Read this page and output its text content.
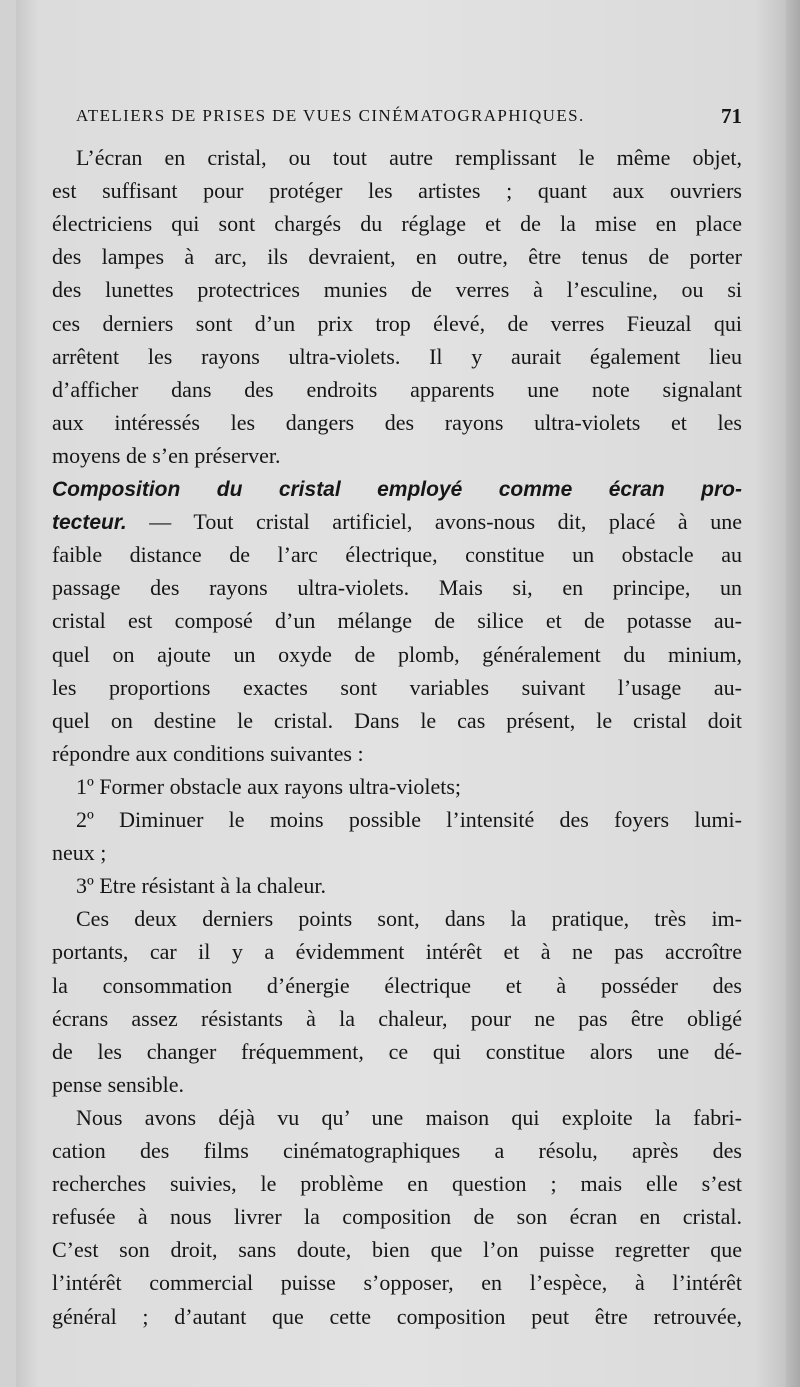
ATELIERS DE PRISES DE VUES CINÉMATOGRAPHIQUES.	71
L’écran en cristal, ou tout autre remplissant le même objet,
est suffisant pour protéger les artistes ; quant aux ouvriers
électriciens qui sont chargés du réglage et de la mise en place
des lampes à arc, ils devraient, en outre, être tenus de porter
des lunettes protectrices munies de verres à l’esculine, ou si
ces derniers sont d’un prix trop élevé, de verres Fieuzal qui
arrêtent les rayons ultra-violets. Il y aurait également lieu
d’afficher dans des endroits apparents une note signalant
aux intéressés les dangers des rayons ultra-violets et les
moyens de s’en préserver.
Composition du cristal employé comme écran pro-
tecteur. — Tout cristal artificiel, avons-nous dit, placé à une
faible distance de l’arc électrique, constitue un obstacle au
passage des rayons ultra-violets. Mais si, en principe, un
cristal est composé d’un mélange de silice et de potasse au-
quel on ajoute un oxyde de plomb, généralement du minium,
les proportions exactes sont variables suivant l’usage au-
quel on destine le cristal. Dans le cas présent, le cristal doit
répondre aux conditions suivantes :
1º Former obstacle aux rayons ultra-violets;
2º Diminuer le moins possible l’intensité des foyers lumi-
neux ;
3º Etre résistant à la chaleur.
Ces deux derniers points sont, dans la pratique, très im-
portants, car il y a évidemment intérêt et à ne pas accroître
la consommation d’énergie électrique et à posséder des
écrans assez résistants à la chaleur, pour ne pas être obligé
de les changer fréquemment, ce qui constitue alors une dé-
pense sensible.
Nous avons déjà vu qu’ une maison qui exploite la fabri-
cation des films cinématographiques a résolu, après des
recherches suivies, le problème en question ; mais elle s’est
refusée à nous livrer la composition de son écran en cristal.
C’est son droit, sans doute, bien que l’on puisse regretter que
l’intérêt commercial puisse s’opposer, en l’espèce, à l’intérêt
général ; d’autant que cette composition peut être retrouvée,
